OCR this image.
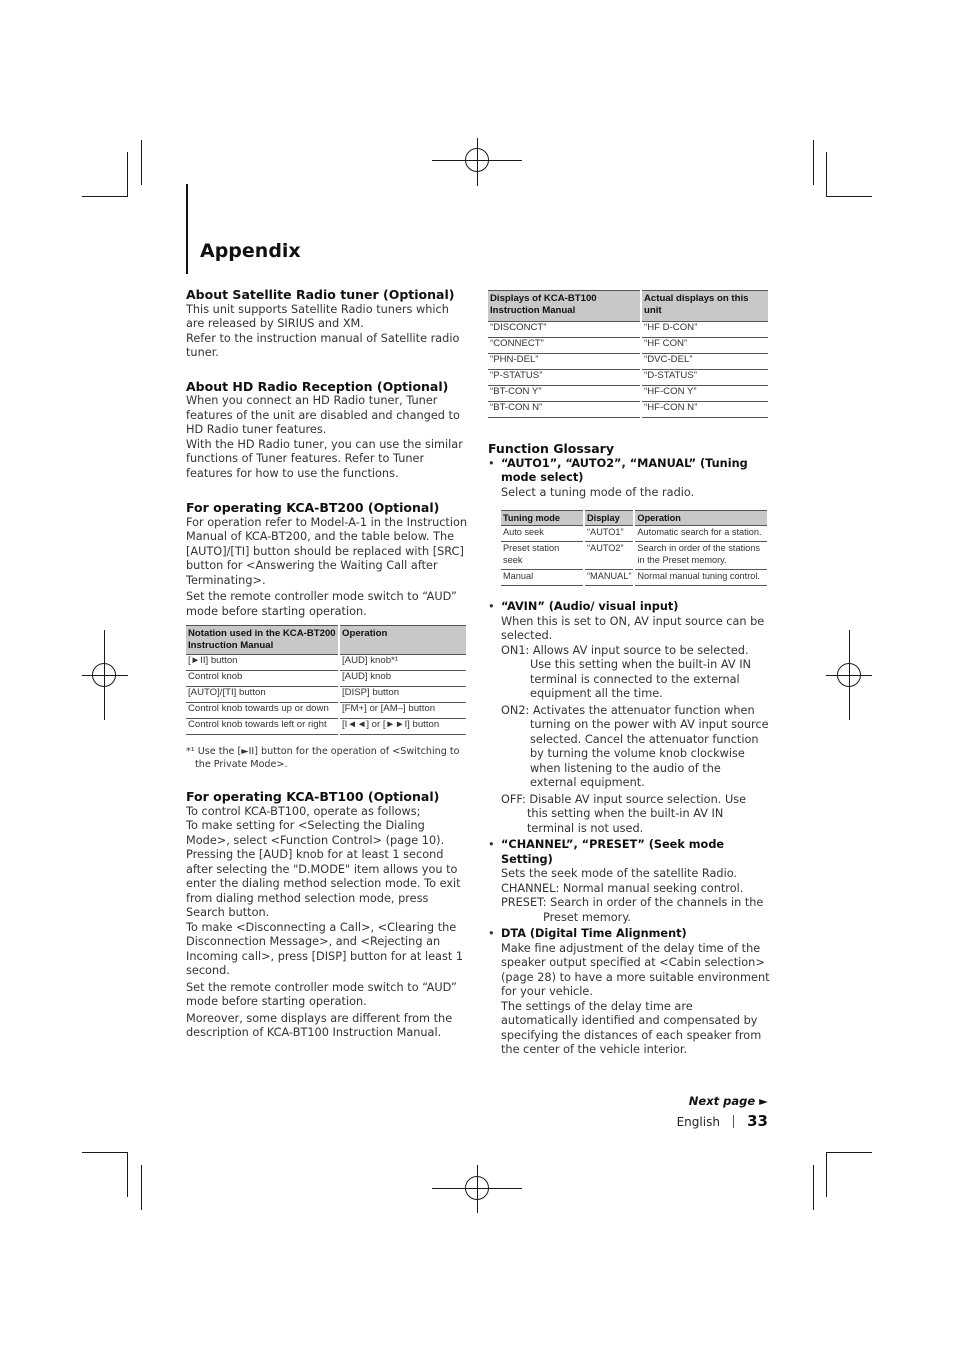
Appendix

About Satellite Radio tuner (Optional)

This unit supports Satellite Radio tuners which are released by SIRIUS and XM.

Refer to the instruction manual of Satellite radio tuner.

About HD Radio Reception (Optional)

When you connect an HD Radio tuner, Tuner features of the unit are disabled and changed to HD Radio tuner features.

With the HD Radio tuner, you can use the similar functions of Tuner features. Refer to Tuner features for how to use the functions.

For operating KCA-BT200 (Optional)

For operation refer to Model-A-1 in the Instruction Manual of KCA-BT200, and the table below. The [AUTO]/[TI] button should be replaced with [SRC] button for <Answering the Waiting Call after Terminating>.

Set the remote controller mode switch to “AUD” mode before starting operation.

Notation used in the KCA-BT200 Instruction Manual	Operation
[►II] button	[AUD] knob*¹
Control knob	[AUD] knob
[AUTO]/[TI] button	[DISP] button
Control knob towards up or down	[FM+] or [AM–] button
Control knob towards left or right	[I◄◄] or [►►I] button
*¹ Use the [►II] button for the operation of <Switching to the Private Mode>.

For operating KCA-BT100 (Optional)

To control KCA-BT100, operate as follows;

To make setting for <Selecting the Dialing Mode>, select <Function Control> (page 10). Pressing the [AUD] knob for at least 1 second after selecting the "D.MODE" item allows you to enter the dialing method selection mode. To exit from dialing method selection mode, press Search button.

To make <Disconnecting a Call>, <Clearing the Disconnection Message>, and <Rejecting an Incoming call>, press [DISP] button for at least 1 second.

Set the remote controller mode switch to “AUD” mode before starting operation.

Moreover, some displays are different from the description of KCA-BT100 Instruction Manual.

Displays of KCA-BT100 Instruction Manual	Actual displays on this unit
“DISCONCT”	“HF D-CON”
“CONNECT”	“HF CON”
“PHN-DEL”	“DVC-DEL”
“P-STATUS”	“D-STATUS”
“BT-CON Y”	“HF-CON Y”
“BT-CON N”	“HF-CON N”

Function Glossary

• “AUTO1”, “AUTO2”, “MANUAL” (Tuning mode select)

Select a tuning mode of the radio.

Tuning mode	Display	Operation
Auto seek	“AUTO1”	Automatic search for a station.
Preset station seek	“AUTO2”	Search in order of the stations in the Preset memory.
Manual	“MANUAL”	Normal manual tuning control.

• “AVIN” (Audio/ visual input)

When this is set to ON, AV input source can be selected.

ON1: Allows AV input source to be selected. Use this setting when the built-in AV IN terminal is connected to the external equipment all the time.

ON2: Activates the attenuator function when turning on the power with AV input source selected. Cancel the attenuator function by turning the volume knob clockwise when listening to the audio of the external equipment.

OFF: Disable AV input source selection. Use this setting when the built-in AV IN terminal is not used.

• “CHANNEL”, “PRESET” (Seek mode Setting)

Sets the seek mode of the satellite Radio.

CHANNEL: Normal manual seeking control.

PRESET: Search in order of the channels in the Preset memory.

• DTA (Digital Time Alignment)

Make fine adjustment of the delay time of the speaker output specified at <Cabin selection> (page 28) to have a more suitable environment for your vehicle.

The settings of the delay time are automatically identified and compensated by specifying the distances of each speaker from the center of the vehicle interior.

Next page ►
English 33
